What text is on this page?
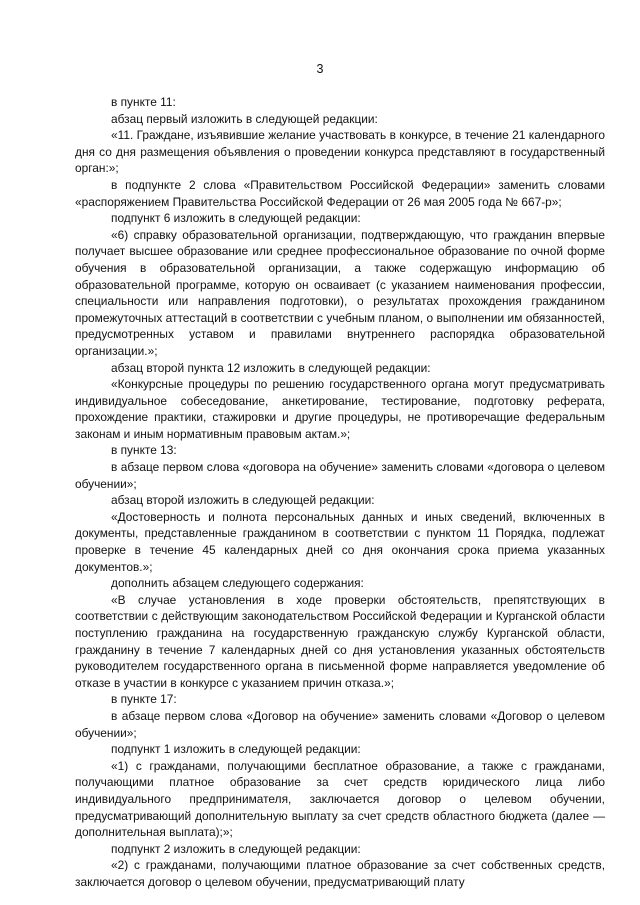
3

в пункте 11:

абзац первый изложить в следующей редакции:

«11. Граждане, изъявившие желание участвовать в конкурсе, в течение 21 календарного дня со дня размещения объявления о проведении конкурса представляют в государственный орган:»;

в подпункте 2 слова «Правительством Российской Федерации» заменить словами «распоряжением Правительства Российской Федерации от 26 мая 2005 года № 667-р»;

подпункт 6 изложить в следующей редакции:

«6) справку образовательной организации, подтверждающую, что гражданин впервые получает высшее образование или среднее профессиональное образование по очной форме обучения в образовательной организации, а также содержащую информацию об образовательной программе, которую он осваивает (с указанием наименования профессии, специальности или направления подготовки), о результатах прохождения гражданином промежуточных аттестаций в соответствии с учебным планом, о выполнении им обязанностей, предусмотренных уставом и правилами внутреннего распорядка образовательной организации.»;

абзац второй пункта 12 изложить в следующей редакции:

«Конкурсные процедуры по решению государственного органа могут предусматривать индивидуальное собеседование, анкетирование, тестирование, подготовку реферата, прохождение практики, стажировки и другие процедуры, не противоречащие федеральным законам и иным нормативным правовым актам.»;

в пункте 13:

в абзаце первом слова «договора на обучение» заменить словами «договора о целевом обучении»;

абзац второй изложить в следующей редакции:

«Достоверность и полнота персональных данных и иных сведений, включенных в документы, представленные гражданином в соответствии с пунктом 11 Порядка, подлежат проверке в течение 45 календарных дней со дня окончания срока приема указанных документов.»;

дополнить абзацем следующего содержания:

«В случае установления в ходе проверки обстоятельств, препятствующих в соответствии с действующим законодательством Российской Федерации и Курганской области поступлению гражданина на государственную гражданскую службу Курганской области, гражданину в течение 7 календарных дней со дня установления указанных обстоятельств руководителем государственного органа в письменной форме направляется уведомление об отказе в участии в конкурсе с указанием причин отказа.»;

в пункте 17:

в абзаце первом слова «Договор на обучение» заменить словами «Договор о целевом обучении»;

подпункт 1 изложить в следующей редакции:

«1) с гражданами, получающими бесплатное образование, а также с гражданами, получающими платное образование за счет средств юридического лица либо индивидуального предпринимателя, заключается договор о целевом обучении, предусматривающий дополнительную выплату за счет средств областного бюджета (далее — дополнительная выплата);»;

подпункт 2 изложить в следующей редакции:

«2) с гражданами, получающими платное образование за счет собственных средств, заключается договор о целевом обучении, предусматривающий плату
